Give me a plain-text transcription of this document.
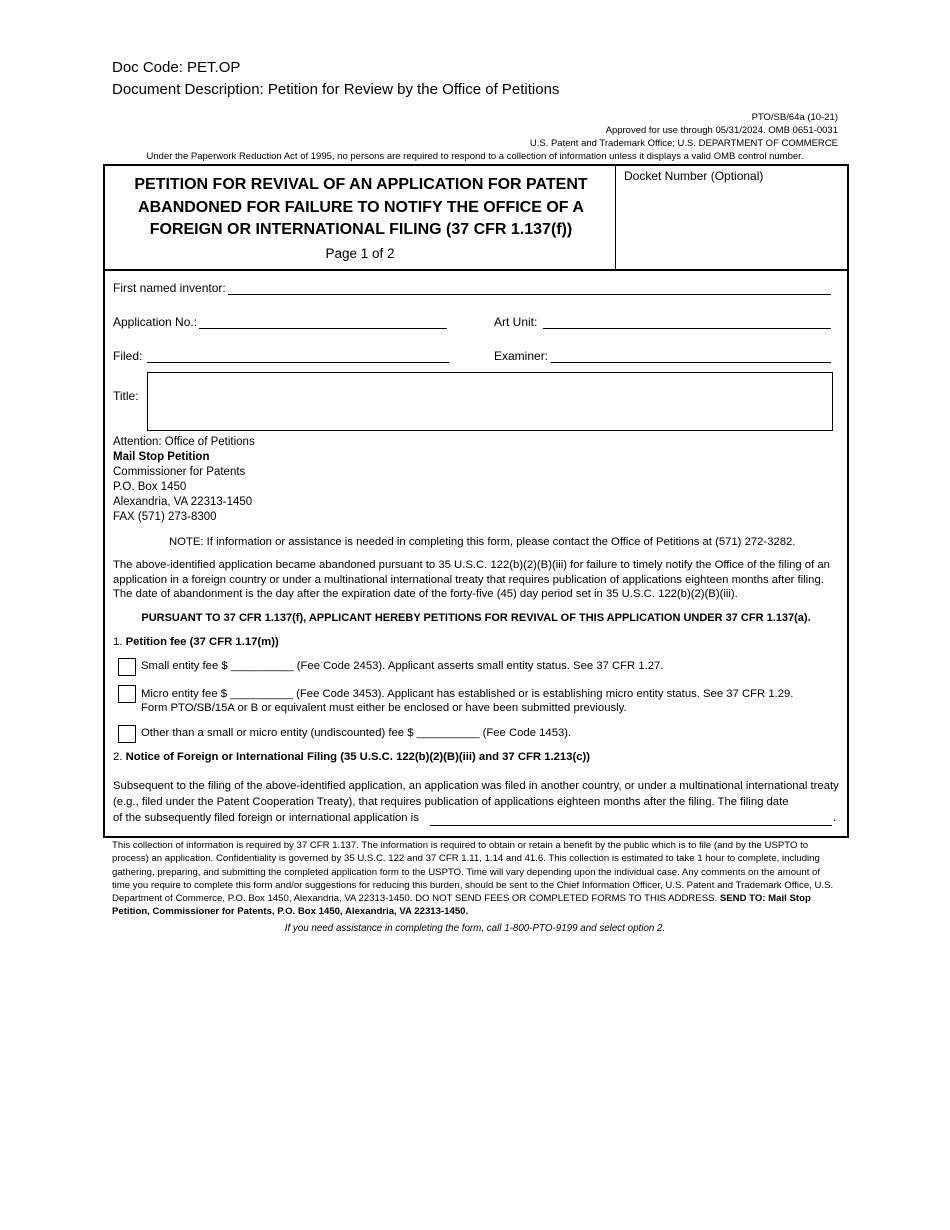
Doc Code: PET.OP
Document Description: Petition for Review by the Office of Petitions
PTO/SB/64a (10-21)
Approved for use through 05/31/2024. OMB 0651-0031
U.S. Patent and Trademark Office; U.S. DEPARTMENT OF COMMERCE
Under the Paperwork Reduction Act of 1995, no persons are required to respond to a collection of information unless it displays a valid OMB control number.
PETITION FOR REVIVAL OF AN APPLICATION FOR PATENT
ABANDONED FOR FAILURE TO NOTIFY THE OFFICE OF A
FOREIGN OR INTERNATIONAL FILING (37 CFR 1.137(f))
Page 1 of 2
Docket Number (Optional)
First named inventor:
Application No.:	Art Unit:
Filed:	Examiner:
Title:
Attention: Office of Petitions
Mail Stop Petition
Commissioner for Patents
P.O. Box 1450
Alexandria, VA 22313-1450
FAX (571) 273-8300
NOTE: If information or assistance is needed in completing this form, please contact the Office of Petitions at (571) 272-3282.
The above-identified application became abandoned pursuant to 35 U.S.C. 122(b)(2)(B)(iii) for failure to timely notify the Office of the filing of an application in a foreign country or under a multinational international treaty that requires publication of applications eighteen months after filing. The date of abandonment is the day after the expiration date of the forty-five (45) day period set in 35 U.S.C. 122(b)(2)(B)(iii).
PURSUANT TO 37 CFR 1.137(f), APPLICANT HEREBY PETITIONS FOR REVIVAL OF THIS APPLICATION UNDER 37 CFR 1.137(a).
1. Petition fee (37 CFR 1.17(m))
Small entity fee $ __________ (Fee Code 2453). Applicant asserts small entity status. See 37 CFR 1.27.
Micro entity fee $ __________ (Fee Code 3453). Applicant has established or is establishing micro entity status. See 37 CFR 1.29.
Form PTO/SB/15A or B or equivalent must either be enclosed or have been submitted previously.
Other than a small or micro entity (undiscounted) fee $ __________ (Fee Code 1453).
2. Notice of Foreign or International Filing (35 U.S.C. 122(b)(2)(B)(iii) and 37 CFR 1.213(c))
Subsequent to the filing of the above-identified application, an application was filed in another country, or under a multinational international treaty (e.g., filed under the Patent Cooperation Treaty), that requires publication of applications eighteen months after the filing. The filing date
of the subsequently filed foreign or international application is	.
This collection of information is required by 37 CFR 1.137. The information is required to obtain or retain a benefit by the public which is to file (and by the USPTO to process) an application. Confidentiality is governed by 35 U.S.C. 122 and 37 CFR 1.11, 1.14 and 41.6. This collection is estimated to take 1 hour to complete, including gathering, preparing, and submitting the completed application form to the USPTO. Time will vary depending upon the individual case. Any comments on the amount of time you require to complete this form and/or suggestions for reducing this burden, should be sent to the Chief Information Officer, U.S. Patent and Trademark Office, U.S. Department of Commerce, P.O. Box 1450, Alexandria, VA 22313-1450. DO NOT SEND FEES OR COMPLETED FORMS TO THIS ADDRESS. SEND TO: Mail Stop Petition, Commissioner for Patents, P.O. Box 1450, Alexandria, VA 22313-1450.
If you need assistance in completing the form, call 1-800-PTO-9199 and select option 2.
